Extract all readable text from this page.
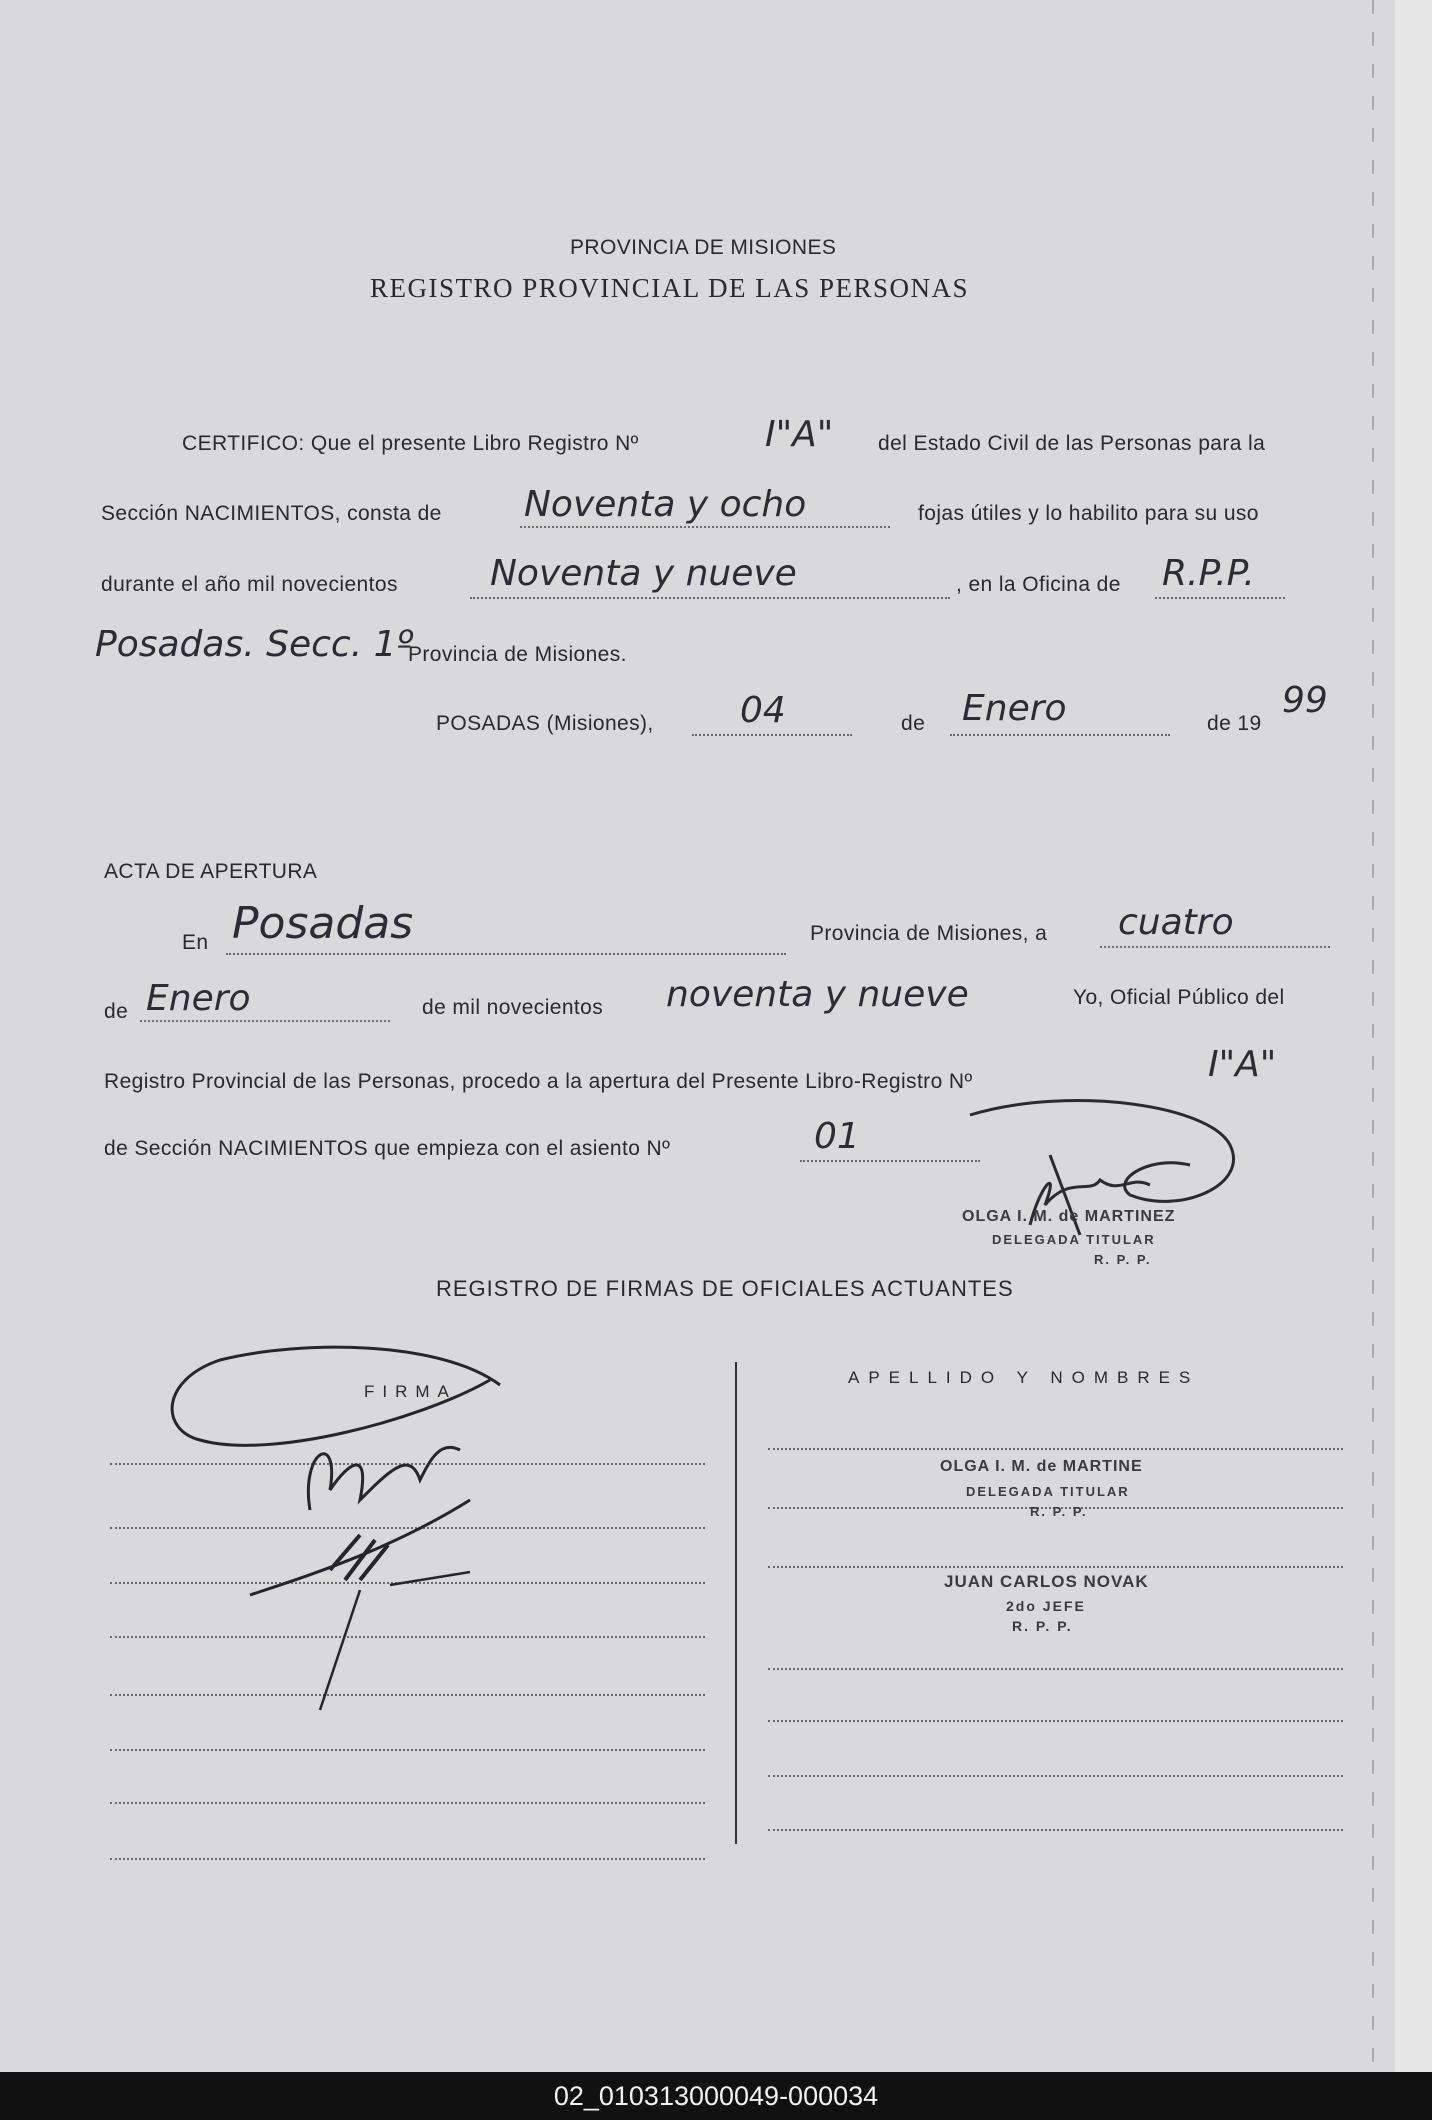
PROVINCIA DE MISIONES
REGISTRO PROVINCIAL DE LAS PERSONAS
CERTIFICO: Que el presente Libro Registro Nº	I"A" del Estado Civil de las Personas para la
Sección NACIMIENTOS, consta de Noventa y ocho	fojas útiles y lo habilito para su uso
durante el año mil novecientos	Noventa y nueve	, en la Oficina de R.P.P.
Posadas. Secc. 1º
Provincia de Misiones.
POSADAS (Misiones), 04	de Enero	de 19
99
ACTA DE APERTURA
En Posadas	Provincia de Misiones, a cuatro
de Enero	de mil novecientos noventa y nueve	Yo, Oficial Público del
Registro Provincial de las Personas, procedo a la apertura del Presente Libro-Registro Nº	I"A"
de Sección NACIMIENTOS que empieza con el asiento Nº	01
OLGA I. M. de MARTINEZ
DELEGADA TITULAR
R. P. P.
REGISTRO DE FIRMAS DE OFICIALES ACTUANTES
FIRMA
APELLIDO Y NOMBRES
OLGA I. M. de MARTINE
DELEGADA TITULAR
R. P. P.
JUAN CARLOS NOVAK
2do JEFE
R. P. P.
02_010313000049-000034
